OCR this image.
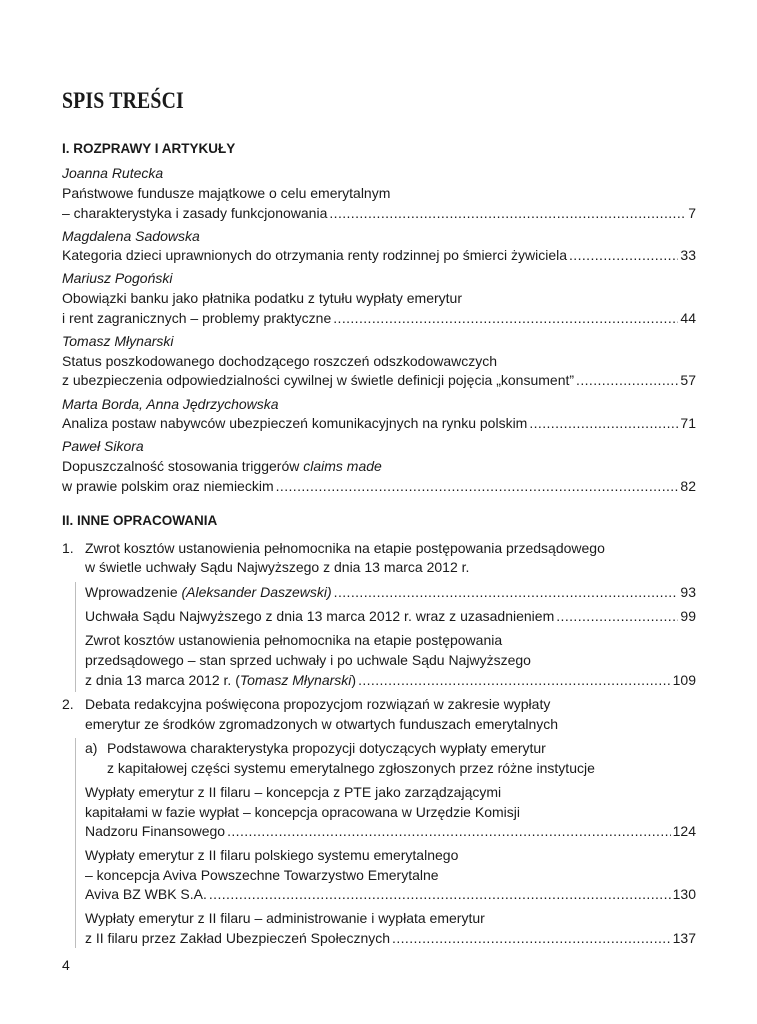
SPIS TREŚCI
I. ROZPRAWY I ARTYKUŁY
Joanna Rutecka
Państwowe fundusze majątkowe o celu emerytalnym
– charakterystyka i zasady funkcjonowania .....	7
Magdalena Sadowska
Kategoria dzieci uprawnionych do otrzymania renty rodzinnej po śmierci żywiciela .....	33
Mariusz Pogoński
Obowiązki banku jako płatnika podatku z tytułu wypłaty emerytur
i rent zagranicznych – problemy praktyczne .....	44
Tomasz Młynarski
Status poszkodowanego dochodzącego roszczeń odszkodowawczych
z ubezpieczenia odpowiedzialności cywilnej w świetle definicji pojęcia „konsument” .....	57
Marta Borda, Anna Jędrzychowska
Analiza postaw nabywców ubezpieczeń komunikacyjnych na rynku polskim .....	71
Paweł Sikora
Dopuszczalność stosowania triggerów claims made
w prawie polskim oraz niemieckim .....	82
II. INNE OPRACOWANIA
1. Zwrot kosztów ustanowienia pełnomocnika na etapie postępowania przedsądowego
w świetle uchwały Sądu Najwyższego z dnia 13 marca 2012 r.
Wprowadzenie (Aleksander Daszewski) .....	93
Uchwała Sądu Najwyższego z dnia 13 marca 2012 r. wraz z uzasadnieniem .....	99
Zwrot kosztów ustanowienia pełnomocnika na etapie postępowania
przedsądowego – stan sprzed uchwały i po uchwale Sądu Najwyższego
z dnia 13 marca 2012 r. (Tomasz Młynarski) .....	109
2. Debata redakcyjna poświęcona propozycjom rozwiązań w zakresie wypłaty
emerytur ze środków zgromadzonych w otwartych funduszach emerytalnych
a) Podstawowa charakterystyka propozycji dotyczących wypłaty emerytur
z kapitałowej części systemu emerytalnego zgłoszonych przez różne instytucje
Wypłaty emerytur z II filaru – koncepcja z PTE jako zarządzającymi
kapitałami w fazie wypłat – koncepcja opracowana w Urzędzie Komisji
Nadzoru Finansowego .....	124
Wypłaty emerytur z II filaru polskiego systemu emerytalnego
– koncepcja Aviva Powszechne Towarzystwo Emerytalne
Aviva BZ WBK S.A. .....	130
Wypłaty emerytur z II filaru – administrowanie i wypłata emerytur
z II filaru przez Zakład Ubezpieczeń Społecznych .....	137
4
